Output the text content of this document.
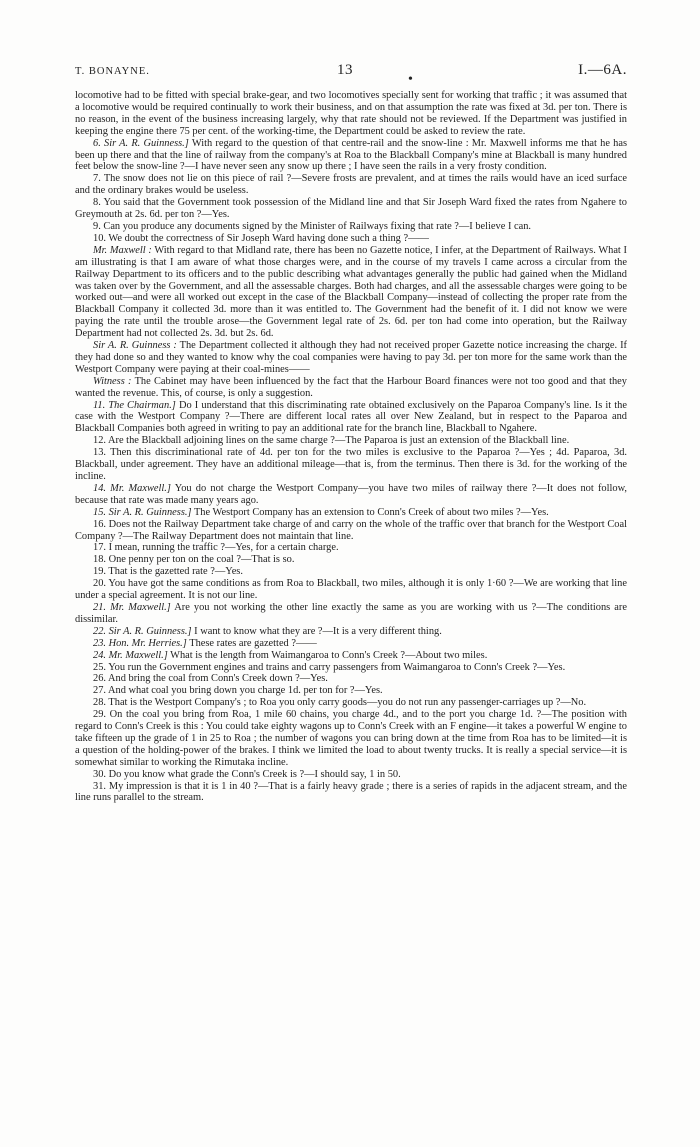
T. BONAYNE.	13
•
I.—6A.

locomotive had to be fitted with special brake-gear, and two locomotives specially sent for working that traffic ; it was assumed that a locomotive would be required continually to work their business, and on that assumption the rate was fixed at 3d. per ton. There is no reason, in the event of the business increasing largely, why that rate should not be reviewed. If the Department was justified in keeping the engine there 75 per cent. of the working-time, the Department could be asked to review the rate.

6. Sir A. R. Guinness.] With regard to the question of that centre-rail and the snow-line : Mr. Maxwell informs me that he has been up there and that the line of railway from the company's at Roa to the Blackball Company's mine at Blackball is many hundred feet below the snow-line ?—I have never seen any snow up there ; I have seen the rails in a very frosty condition.

7. The snow does not lie on this piece of rail ?—Severe frosts are prevalent, and at times the rails would have an iced surface and the ordinary brakes would be useless.

8. You said that the Government took possession of the Midland line and that Sir Joseph Ward fixed the rates from Ngahere to Greymouth at 2s. 6d. per ton ?—Yes.

9. Can you produce any documents signed by the Minister of Railways fixing that rate ?—I believe I can.

10. We doubt the correctness of Sir Joseph Ward having done such a thing ?——

Mr. Maxwell : With regard to that Midland rate, there has been no Gazette notice, I infer, at the Department of Railways. What I am illustrating is that I am aware of what those charges were, and in the course of my travels I came across a circular from the Railway Department to its officers and to the public describing what advantages generally the public had gained when the Midland was taken over by the Government, and all the assessable charges. Both had charges, and all the assessable charges were going to be worked out—and were all worked out except in the case of the Blackball Company—instead of collecting the proper rate from the Blackball Company it collected 3d. more than it was entitled to. The Government had the benefit of it. I did not know we were paying the rate until the trouble arose—the Government legal rate of 2s. 6d. per ton had come into operation, but the Railway Department had not collected 2s. 3d. but 2s. 6d.

Sir A. R. Guinness : The Department collected it although they had not received proper Gazette notice increasing the charge. If they had done so and they wanted to know why the coal companies were having to pay 3d. per ton more for the same work than the Westport Company were paying at their coal-mines——

Witness : The Cabinet may have been influenced by the fact that the Harbour Board finances were not too good and that they wanted the revenue. This, of course, is only a suggestion.

11. The Chairman.] Do I understand that this discriminating rate obtained exclusively on the Paparoa Company's line. Is it the case with the Westport Company ?—There are different local rates all over New Zealand, but in respect to the Paparoa and Blackball Companies both agreed in writing to pay an additional rate for the branch line, Blackball to Ngahere.

12. Are the Blackball adjoining lines on the same charge ?—The Paparoa is just an extension of the Blackball line.

13. Then this discriminational rate of 4d. per ton for the two miles is exclusive to the Paparoa ?—Yes ; 4d. Paparoa, 3d. Blackball, under agreement. They have an additional mileage—that is, from the terminus. Then there is 3d. for the working of the incline.

14. Mr. Maxwell.] You do not charge the Westport Company—you have two miles of railway there ?—It does not follow, because that rate was made many years ago.

15. Sir A. R. Guinness.] The Westport Company has an extension to Conn's Creek of about two miles ?—Yes.

16. Does not the Railway Department take charge of and carry on the whole of the traffic over that branch for the Westport Coal Company ?—The Railway Department does not maintain that line.

17. I mean, running the traffic ?—Yes, for a certain charge.

18. One penny per ton on the coal ?—That is so.

19. That is the gazetted rate ?—Yes.

20. You have got the same conditions as from Roa to Blackball, two miles, although it is only 1·60 ?—We are working that line under a special agreement. It is not our line.

21. Mr. Maxwell.] Are you not working the other line exactly the same as you are working with us ?—The conditions are dissimilar.

22. Sir A. R. Guinness.] I want to know what they are ?—It is a very different thing.

23. Hon. Mr. Herries.] These rates are gazetted ?——

24. Mr. Maxwell.] What is the length from Waimangaroa to Conn's Creek ?—About two miles.

25. You run the Government engines and trains and carry passengers from Waimangaroa to Conn's Creek ?—Yes.

26. And bring the coal from Conn's Creek down ?—Yes.

27. And what coal you bring down you charge 1d. per ton for ?—Yes.

28. That is the Westport Company's ; to Roa you only carry goods—you do not run any passenger-carriages up ?—No.

29. On the coal you bring from Roa, 1 mile 60 chains, you charge 4d., and to the port you charge 1d. ?—The position with regard to Conn's Creek is this : You could take eighty wagons up to Conn's Creek with an F engine—it takes a powerful W engine to take fifteen up the grade of 1 in 25 to Roa ; the number of wagons you can bring down at the time from Roa has to be limited—it is a question of the holding-power of the brakes. I think we limited the load to about twenty trucks. It is really a special service—it is somewhat similar to working the Rimutaka incline.

30. Do you know what grade the Conn's Creek is ?—I should say, 1 in 50.

31. My impression is that it is 1 in 40 ?—That is a fairly heavy grade ; there is a series of rapids in the adjacent stream, and the line runs parallel to the stream.
